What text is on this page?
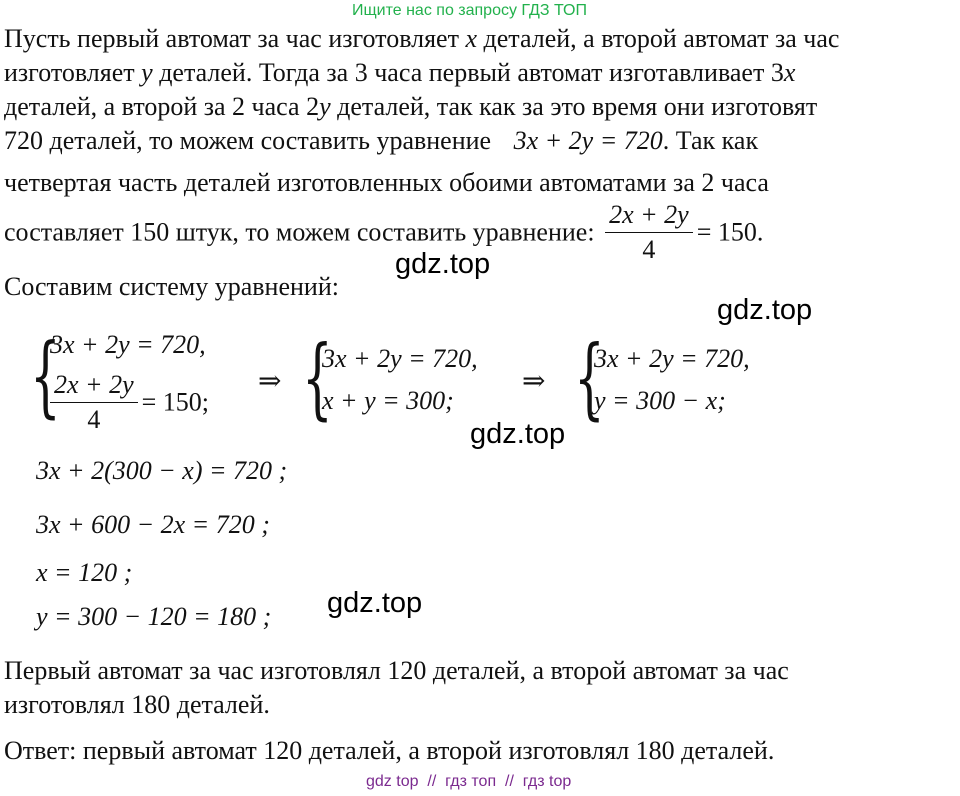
Ищите нас по запросу ГДЗ ТОП
Пусть первый автомат за час изготовляет x деталей, а второй автомат за час
изготовляет y деталей. Тогда за 3 часа первый автомат изготавливает 3x
деталей, а второй за 2 часа 2y деталей, так как за это время они изготовят
720 деталей, то можем составить уравнение 3x + 2y = 720. Так как
четвертая часть деталей изготовленных обоими автоматами за 2 часа
составляет 150 штук, то можем составить уравнение: $\frac{2x + 2y}{4} = 150$.
Составим систему уравнений:
{
3x + 2y = 720,
$\frac{2x + 2y}{4} = 150$;
⇒ {
3x + 2y = 720,
x + y = 300;
⇒ {
3x + 2y = 720,
y = 300 − x;
3x + 2(300 − x) = 720 ;
3x + 600 − 2x = 720 ;
x = 120 ;
y = 300 − 120 = 180 ;
Первый автомат за час изготовлял 120 деталей, а второй автомат за час
изготовлял 180 деталей.
Ответ: первый автомат 120 деталей, а второй изготовлял 180 деталей.
gdz.top
gdz.top
gdz.top
gdz.top
gdz top  //  гдз топ  //  гдз top
